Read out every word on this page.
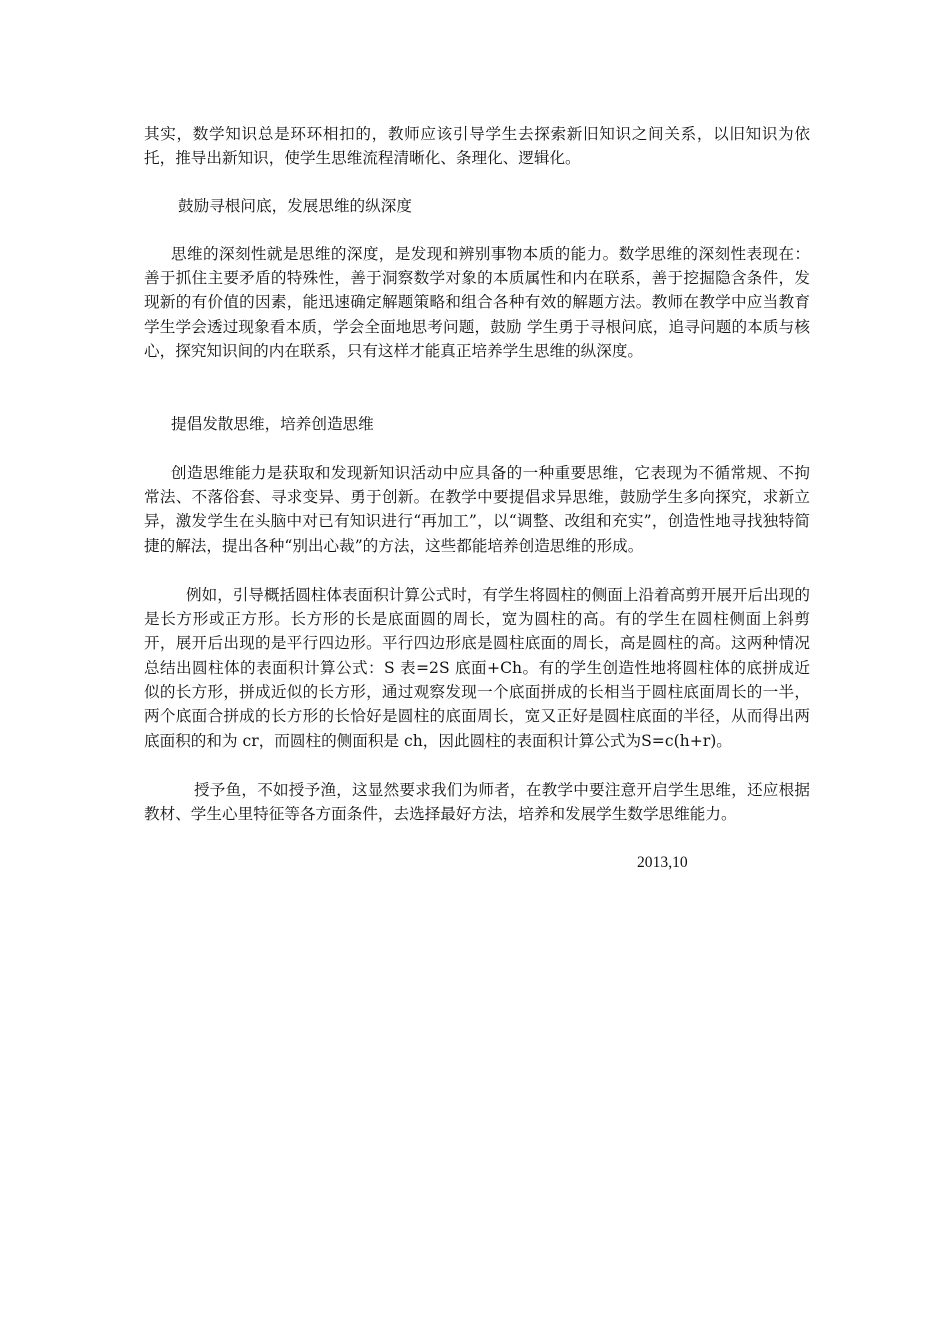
其实，数学知识总是环环相扣的，教师应该引导学生去探索新旧知识之间关系，以旧知识为依托，推导出新知识，使学生思维流程清晰化、条理化、逻辑化。

鼓励寻根问底，发展思维的纵深度

思维的深刻性就是思维的深度，是发现和辨别事物本质的能力。数学思维的深刻性表现在：善于抓住主要矛盾的特殊性，善于洞察数学对象的本质属性和内在联系，善于挖掘隐含条件，发现新的有价值的因素，能迅速确定解题策略和组合各种有效的解题方法。教师在教学中应当教育学生学会透过现象看本质，学会全面地思考问题，鼓励 学生勇于寻根问底，追寻问题的本质与核心，探究知识间的内在联系，只有这样才能真正培养学生思维的纵深度。

提倡发散思维，培养创造思维

创造思维能力是获取和发现新知识活动中应具备的一种重要思维，它表现为不循常规、不拘常法、不落俗套、寻求变异、勇于创新。在教学中要提倡求异思维，鼓励学生多向探究，求新立异，激发学生在头脑中对已有知识进行“再加工”，以“调整、改组和充实”，创造性地寻找独特简捷的解法，提出各种“别出心裁”的方法，这些都能培养创造思维的形成。

例如，引导概括圆柱体表面积计算公式时，有学生将圆柱的侧面上沿着高剪开展开后出现的是长方形或正方形。长方形的长是底面圆的周长，宽为圆柱的高。有的学生在圆柱侧面上斜剪开，展开后出现的是平行四边形。平行四边形底是圆柱底面的周长，高是圆柱的高。这两种情况总结出圆柱体的表面积计算公式：S 表=2S 底面+Ch。有的学生创造性地将圆柱体的底拼成近似的长方形，拼成近似的长方形，通过观察发现一个底面拼成的长相当于圆柱底面周长的一半，两个底面合拼成的长方形的长恰好是圆柱的底面周长，宽又正好是圆柱底面的半径，从而得出两底面积的和为 cr，而圆柱的侧面积是 ch，因此圆柱的表面积计算公式为S=c(h+r)。

授予鱼，不如授予渔，这显然要求我们为师者，在教学中要注意开启学生思维，还应根据教材、学生心里特征等各方面条件，去选择最好方法，培养和发展学生数学思维能力。

2013,10
